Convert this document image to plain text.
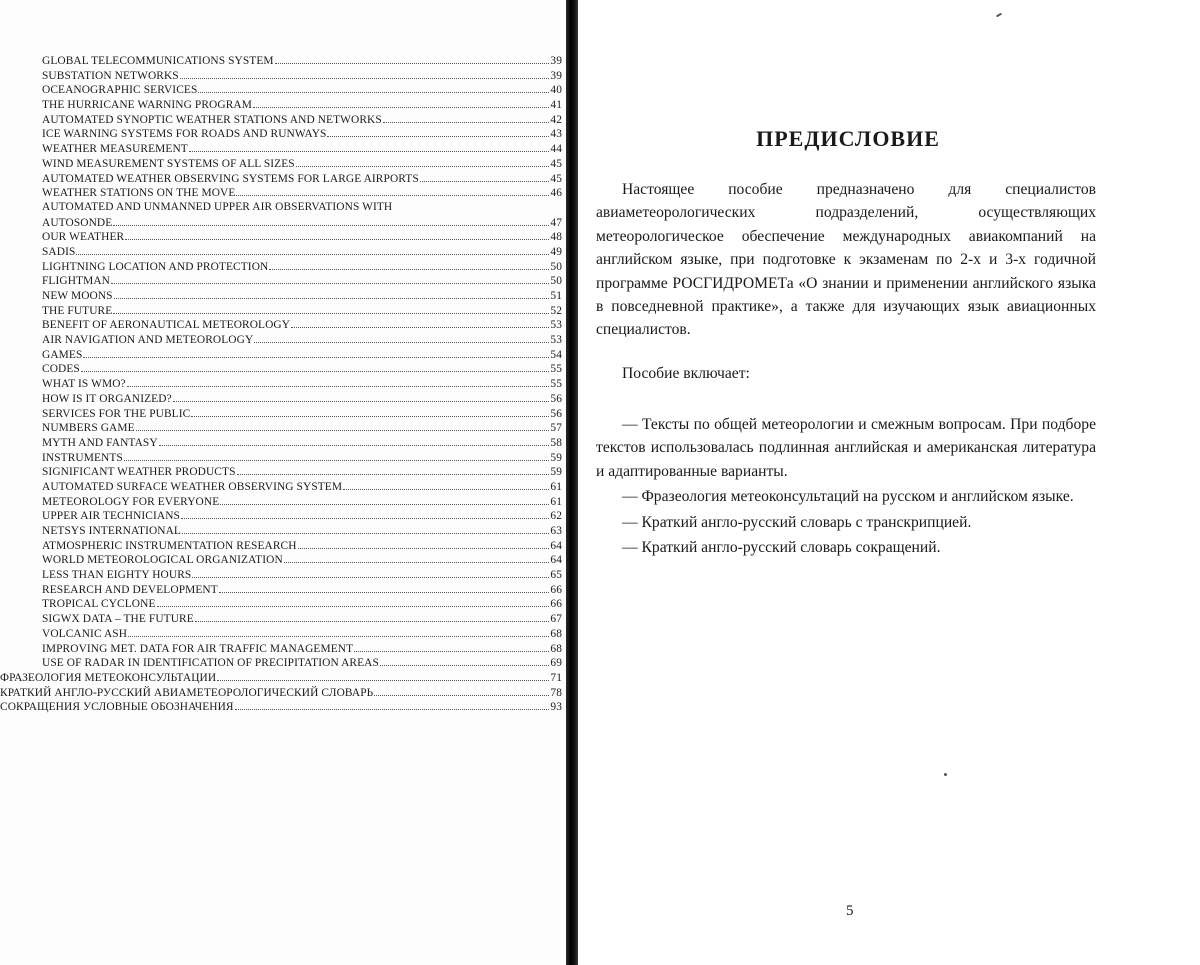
GLOBAL TELECOMMUNICATIONS SYSTEM	39
SUBSTATION NETWORKS	39
OCEANOGRAPHIC SERVICES	40
THE HURRICANE WARNING PROGRAM	41
AUTOMATED SYNOPTIC WEATHER STATIONS AND NETWORKS	42
ICE WARNING SYSTEMS FOR ROADS AND RUNWAYS	43
WEATHER MEASUREMENT	44
WIND MEASUREMENT SYSTEMS OF ALL SIZES	45
AUTOMATED WEATHER OBSERVING SYSTEMS FOR LARGE AIRPORTS	45
WEATHER STATIONS ON THE MOVE	46
AUTOMATED AND UNMANNED UPPER AIR OBSERVATIONS WITH
AUTOSONDE	47
OUR WEATHER	48
SADIS	49
LIGHTNING LOCATION AND PROTECTION	50
FLIGHTMAN	50
NEW MOONS	51
THE FUTURE	52
BENEFIT OF AERONAUTICAL METEOROLOGY	53
AIR NAVIGATION AND METEOROLOGY	53
GAMES	54
CODES	55
WHAT IS WMO?	55
HOW IS IT ORGANIZED?	56
SERVICES FOR THE PUBLIC	56
NUMBERS GAME	57
MYTH AND FANTASY	58
INSTRUMENTS	59
SIGNIFICANT WEATHER PRODUCTS	59
AUTOMATED SURFACE WEATHER OBSERVING SYSTEM	61
METEOROLOGY FOR EVERYONE	61
UPPER AIR TECHNICIANS	62
NETSYS INTERNATIONAL	63
ATMOSPHERIC INSTRUMENTATION RESEARCH	64
WORLD METEOROLOGICAL ORGANIZATION	64
LESS THAN EIGHTY HOURS	65
RESEARCH AND DEVELOPMENT	66
TROPICAL CYCLONE	66
SIGWX DATA – THE FUTURE	67
VOLCANIC ASH	68
IMPROVING MET. DATA FOR AIR TRAFFIC MANAGEMENT	68
USE OF RADAR IN IDENTIFICATION OF PRECIPITATION AREAS	69
ФРАЗЕОЛОГИЯ МЕТЕОКОНСУЛЬТАЦИИ	71
КРАТКИЙ АНГЛО-РУССКИЙ АВИАМЕТЕОРОЛОГИЧЕСКИЙ СЛОВАРЬ	78
СОКРАЩЕНИЯ УСЛОВНЫЕ ОБОЗНАЧЕНИЯ	93
ПРЕДИСЛОВИЕ

Настоящее пособие предназначено для специалистов авиаметеорологических подразделений, осуществляющих метеорологическое обеспечение международных авиакомпаний на английском языке, при подготовке к экзаменам по 2-х и 3-х годичной программе РОСГИДРОМЕТа «О знании и применении английского языка в повседневной практике», а также для изучающих язык авиационных специалистов.

Пособие включает:

— Тексты по общей метеорологии и смежным вопросам. При подборе текстов использовалась подлинная английская и американская литература и адаптированные варианты.

— Фразеология метеоконсультаций на русском и английском языке.

— Краткий англо-русский словарь с транскрипцией.

— Краткий англо-русский словарь сокращений.

5
